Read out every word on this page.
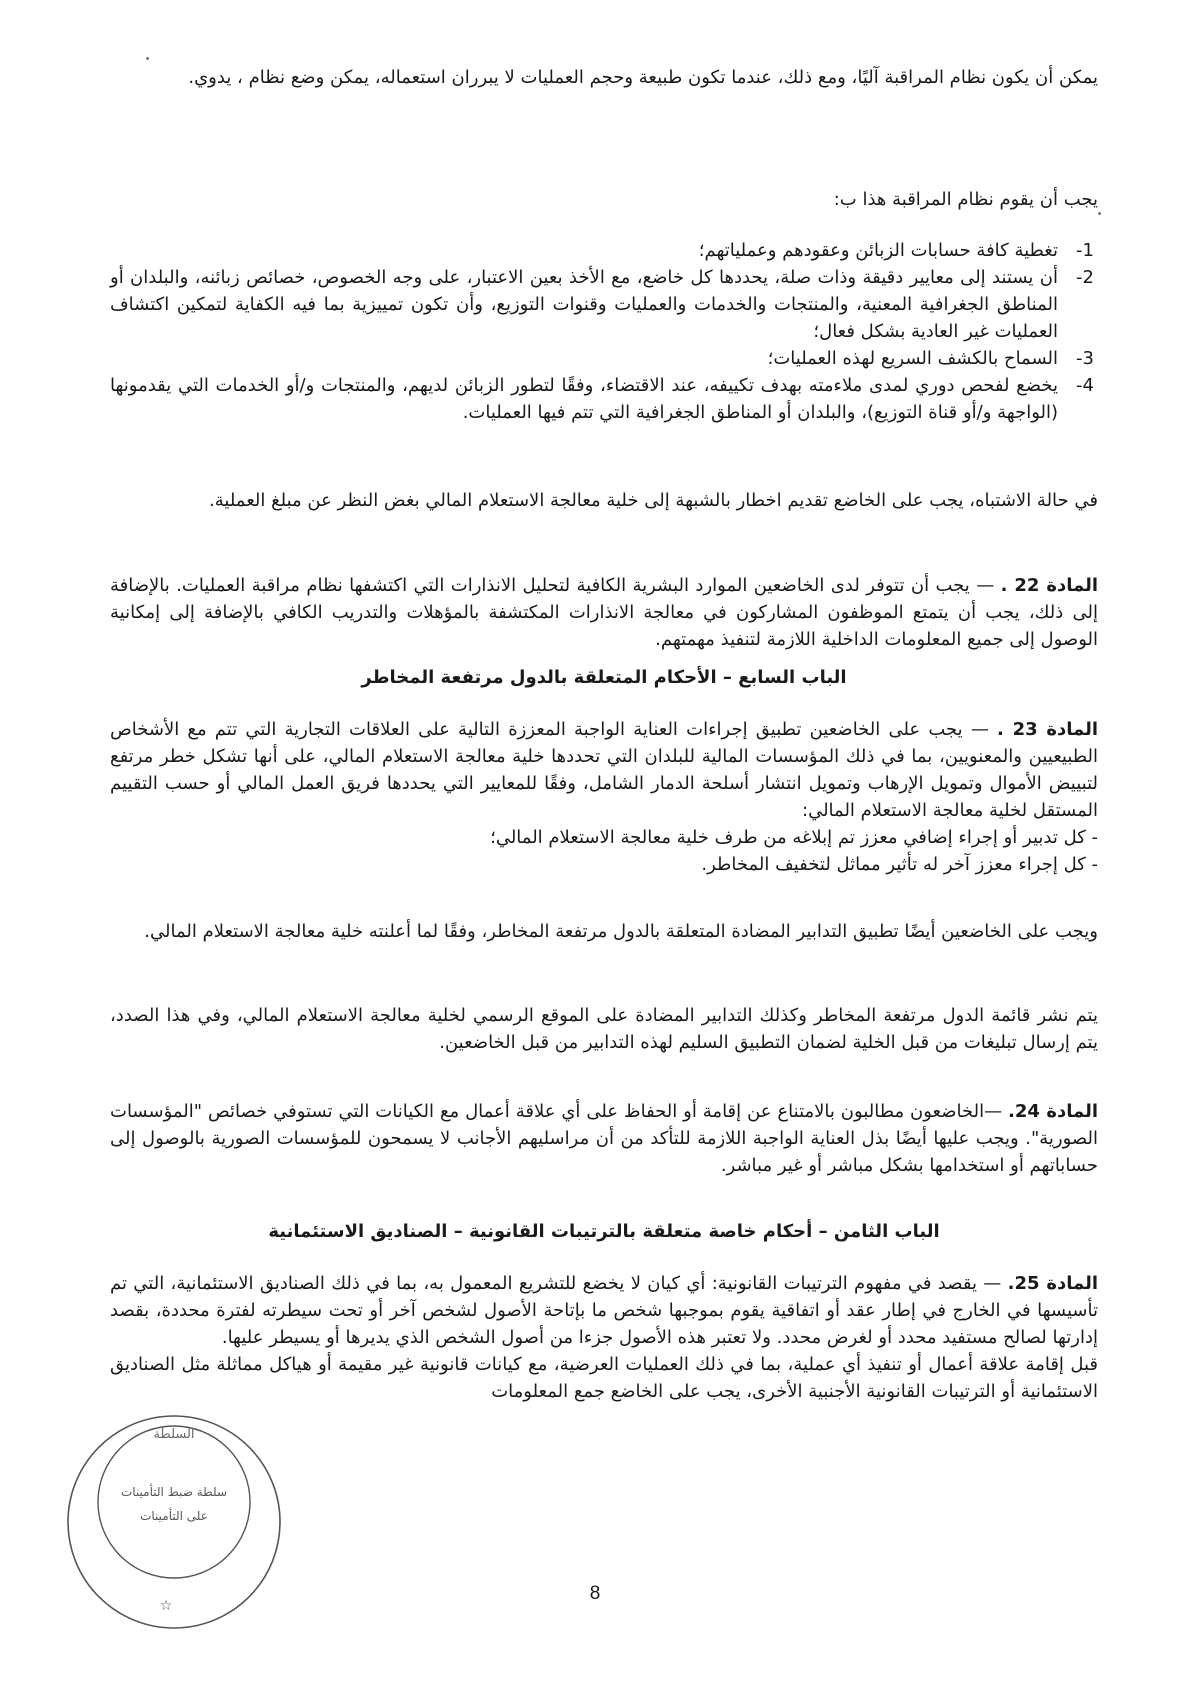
يمكن أن يكون نظام المراقبة آليًا، ومع ذلك، عندما تكون طبيعة وحجم العمليات لا يبرران استعماله، يمكن وضع نظام ، يدوي.

يجب أن يقوم نظام المراقبة هذا ب:

1-
تغطية كافة حسابات الزبائن وعقودهم وعملياتهم؛
2-
أن يستند إلى معايير دقيقة وذات صلة، يحددها كل خاضع، مع الأخذ بعين الاعتبار، على وجه الخصوص، خصائص زبائنه، والبلدان أو المناطق الجغرافية المعنية، والمنتجات والخدمات والعمليات وقنوات التوزيع، وأن تكون تمييزية بما فيه الكفاية لتمكين اكتشاف العمليات غير العادية بشكل فعال؛
3-
السماح بالكشف السريع لهذه العمليات؛
4-
يخضع لفحص دوري لمدى ملاءمته بهدف تكييفه، عند الاقتضاء، وفقًا لتطور الزبائن لديهم، والمنتجات و/أو الخدمات التي يقدمونها (الواجهة و/أو قناة التوزيع)، والبلدان أو المناطق الجغرافية التي تتم فيها العمليات.

في حالة الاشتباه، يجب على الخاضع تقديم اخطار بالشبهة إلى خلية معالجة الاستعلام المالي بغض النظر عن مبلغ العملية.

المادة 22 . — يجب أن تتوفر لدى الخاضعين الموارد البشرية الكافية لتحليل الانذارات التي اكتشفها نظام مراقبة العمليات. بالإضافة إلى ذلك، يجب أن يتمتع الموظفون المشاركون في معالجة الانذارات المكتشفة بالمؤهلات والتدريب الكافي بالإضافة إلى إمكانية الوصول إلى جميع المعلومات الداخلية اللازمة لتنفيذ مهمتهم.

الباب السابع – الأحكام المتعلقة بالدول مرتفعة المخاطر

المادة 23 . — يجب على الخاضعين تطبيق إجراءات العناية الواجبة المعززة التالية على العلاقات التجارية التي تتم مع الأشخاص الطبيعيين والمعنويين، بما في ذلك المؤسسات المالية للبلدان التي تحددها خلية معالجة الاستعلام المالي، على أنها تشكل خطر مرتفع لتبييض الأموال وتمويل الإرهاب وتمويل انتشار أسلحة الدمار الشامل، وفقًا للمعايير التي يحددها فريق العمل المالي أو حسب التقييم المستقل لخلية معالجة الاستعلام المالي:

- كل تدبير أو إجراء إضافي معزز تم إبلاغه من طرف خلية معالجة الاستعلام المالي؛
- كل إجراء معزز آخر له تأثير مماثل لتخفيف المخاطر.

ويجب على الخاضعين أيضًا تطبيق التدابير المضادة المتعلقة بالدول مرتفعة المخاطر، وفقًا لما أعلنته خلية معالجة الاستعلام المالي.

يتم نشر قائمة الدول مرتفعة المخاطر وكذلك التدابير المضادة على الموقع الرسمي لخلية معالجة الاستعلام المالي، وفي هذا الصدد، يتم إرسال تبليغات من قبل الخلية لضمان التطبيق السليم لهذه التدابير من قبل الخاضعين.

المادة 24. —الخاضعون مطالبون بالامتناع عن إقامة أو الحفاظ على أي علاقة أعمال مع الكيانات التي تستوفي خصائص "المؤسسات الصورية". ويجب عليها أيضًا بذل العناية الواجبة اللازمة للتأكد من أن مراسليهم الأجانب لا يسمحون للمؤسسات الصورية بالوصول إلى حساباتهم أو استخدامها بشكل مباشر أو غير مباشر.

الباب الثامن – أحكام خاصة متعلقة بالترتيبات القانونية – الصناديق الاستئمانية

المادة 25. — يقصد في مفهوم الترتيبات القانونية: أي كيان لا يخضع للتشريع المعمول به، بما في ذلك الصناديق الاستئمانية، التي تم تأسيسها في الخارج في إطار عقد أو اتفاقية يقوم بموجبها شخص ما بإتاحة الأصول لشخص آخر أو تحت سيطرته لفترة محددة، بقصد إدارتها لصالح مستفيد محدد أو لغرض محدد. ولا تعتبر هذه الأصول جزءا من أصول الشخص الذي يديرها أو يسيطر عليها.

قبل إقامة علاقة أعمال أو تنفيذ أي عملية، بما في ذلك العمليات العرضية، مع كيانات قانونية غير مقيمة أو هياكل مماثلة مثل الصناديق الاستئمانية أو الترتيبات القانونية الأجنبية الأخرى، يجب على الخاضع جمع المعلومات

السلطة
سلطة ضبط التأمينات
على التأمينات
☆
8
